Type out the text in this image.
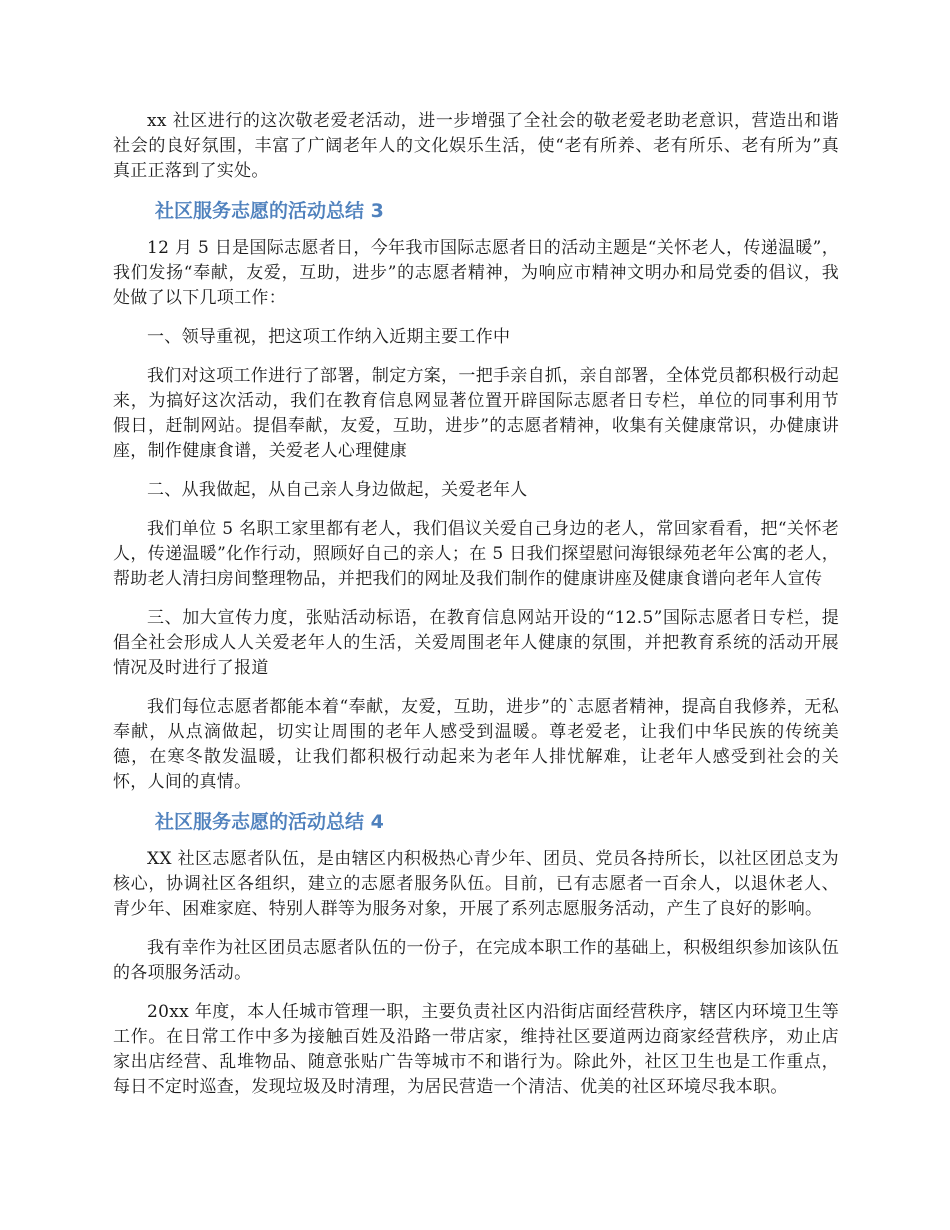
xx 社区进行的这次敬老爱老活动，进一步增强了全社会的敬老爱老助老意识，营造出和谐社会的良好氛围，丰富了广阔老年人的文化娱乐生活，使“老有所养、老有所乐、老有所为”真真正正落到了实处。

社区服务志愿的活动总结 3

12 月 5 日是国际志愿者日，今年我市国际志愿者日的活动主题是“关怀老人，传递温暖”，我们发扬“奉献，友爱，互助，进步”的志愿者精神，为响应市精神文明办和局党委的倡议，我处做了以下几项工作：

一、领导重视，把这项工作纳入近期主要工作中

我们对这项工作进行了部署，制定方案，一把手亲自抓，亲自部署，全体党员都积极行动起来，为搞好这次活动，我们在教育信息网显著位置开辟国际志愿者日专栏，单位的同事利用节假日，赶制网站。提倡奉献，友爱，互助，进步”的志愿者精神，收集有关健康常识，办健康讲座，制作健康食谱，关爱老人心理健康

二、从我做起，从自己亲人身边做起，关爱老年人

我们单位 5 名职工家里都有老人，我们倡议关爱自己身边的老人，常回家看看，把“关怀老人，传递温暖”化作行动，照顾好自己的亲人；在 5 日我们探望慰问海银绿苑老年公寓的老人，帮助老人清扫房间整理物品，并把我们的网址及我们制作的健康讲座及健康食谱向老年人宣传

三、加大宣传力度，张贴活动标语，在教育信息网站开设的“12.5”国际志愿者日专栏，提倡全社会形成人人关爱老年人的生活，关爱周围老年人健康的氛围，并把教育系统的活动开展情况及时进行了报道

我们每位志愿者都能本着“奉献，友爱，互助，进步”的`志愿者精神，提高自我修养，无私奉献，从点滴做起，切实让周围的老年人感受到温暖。尊老爱老，让我们中华民族的传统美德，在寒冬散发温暖，让我们都积极行动起来为老年人排忧解难，让老年人感受到社会的关怀，人间的真情。

社区服务志愿的活动总结 4

XX 社区志愿者队伍，是由辖区内积极热心青少年、团员、党员各持所长，以社区团总支为核心，协调社区各组织，建立的志愿者服务队伍。目前，已有志愿者一百余人，以退休老人、青少年、困难家庭、特别人群等为服务对象，开展了系列志愿服务活动，产生了良好的影响。

我有幸作为社区团员志愿者队伍的一份子，在完成本职工作的基础上，积极组织参加该队伍的各项服务活动。

20xx 年度，本人任城市管理一职，主要负责社区内沿街店面经营秩序，辖区内环境卫生等工作。在日常工作中多为接触百姓及沿路一带店家，维持社区要道两边商家经营秩序，劝止店家出店经营、乱堆物品、随意张贴广告等城市不和谐行为。除此外，社区卫生也是工作重点，每日不定时巡查，发现垃圾及时清理，为居民营造一个清洁、优美的社区环境尽我本职。
